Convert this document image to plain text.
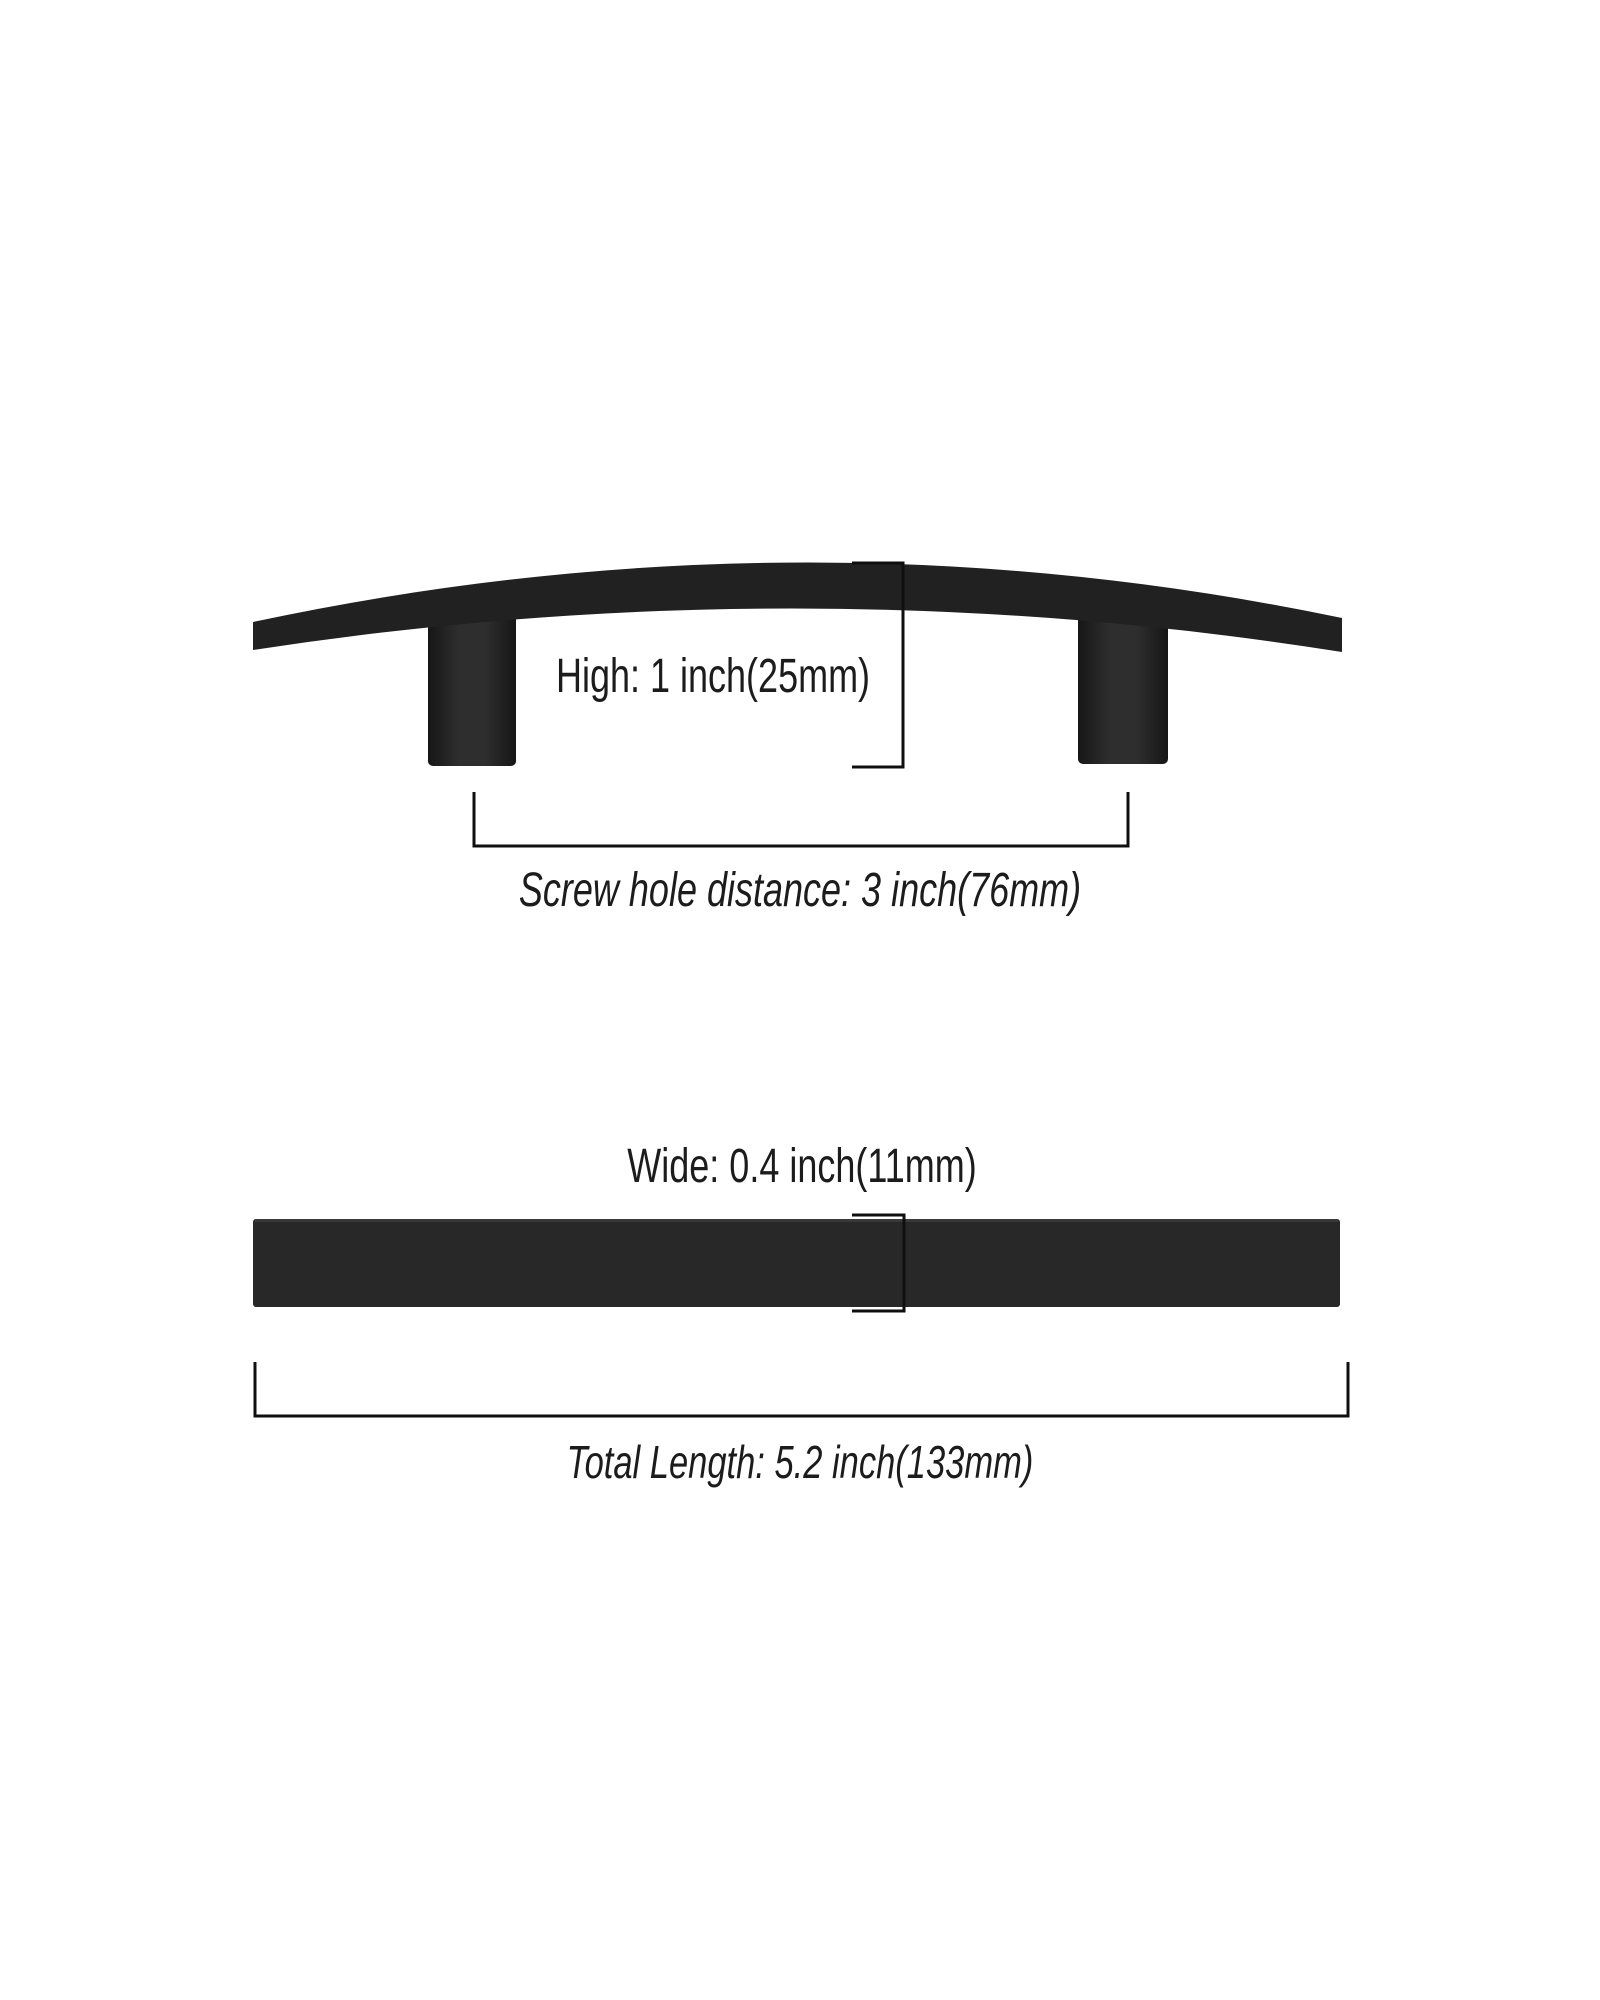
High: 1 inch(25mm)
Screw hole distance: 3 inch(76mm)
Wide: 0.4 inch(11mm)
Total Length: 5.2 inch(133mm)
